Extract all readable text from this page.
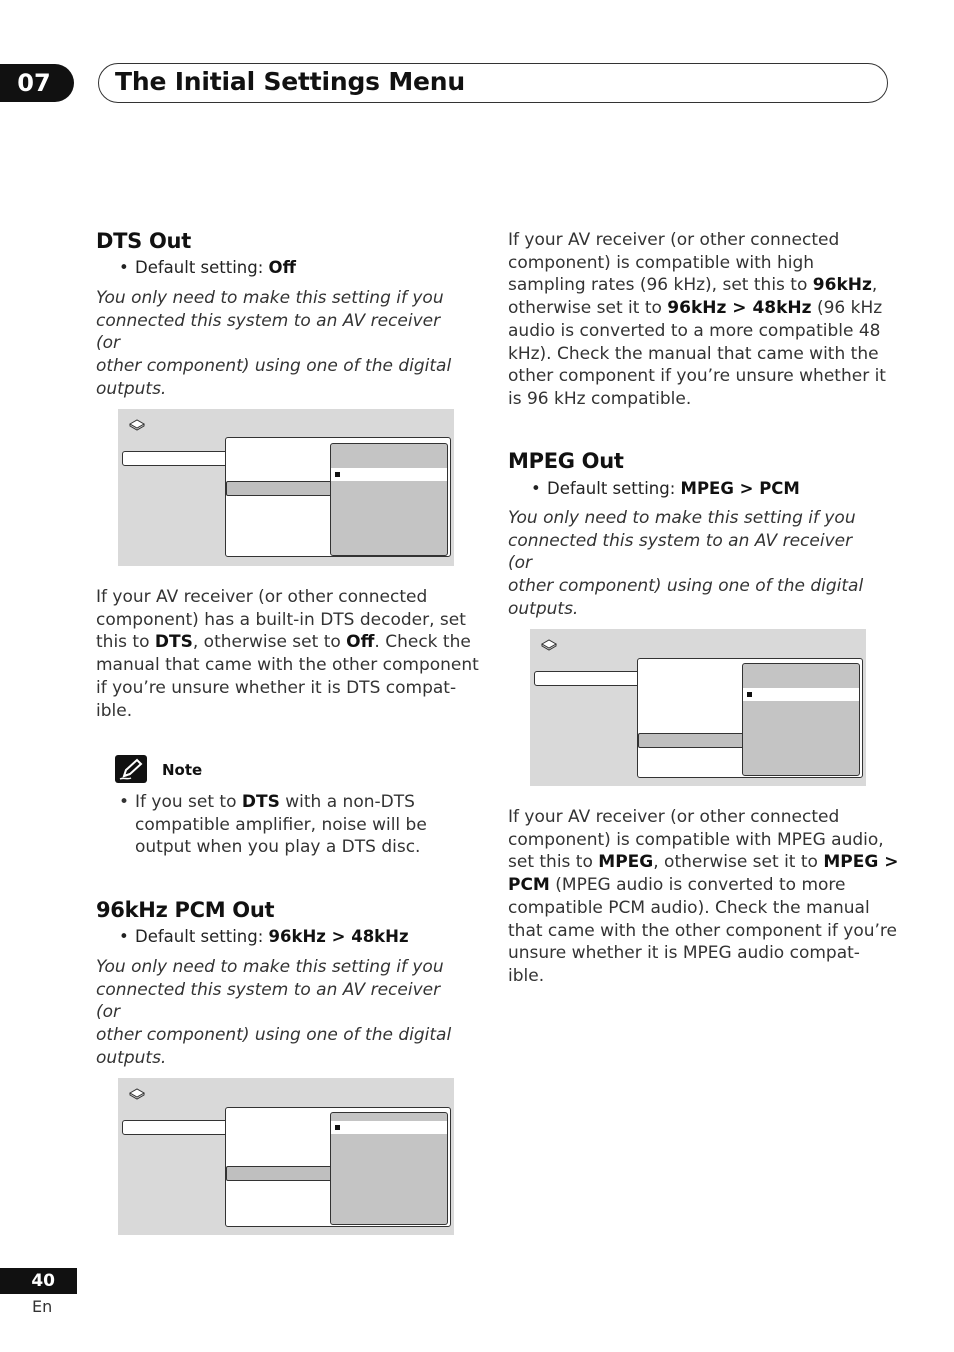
07	The Initial Settings Menu
DTS Out
• Default setting: Off
You only need to make this setting if you
connected this system to an AV receiver (or
other component) using one of the digital
outputs.
If your AV receiver (or other connected
component) has a built-in DTS decoder, set
this to DTS, otherwise set to Off. Check the
manual that came with the other component
if you’re unsure whether it is DTS compat-
ible.
Note
• If you set to DTS with a non-DTS
compatible amplifier, noise will be
output when you play a DTS disc.
96kHz PCM Out
• Default setting: 96kHz > 48kHz
You only need to make this setting if you
connected this system to an AV receiver (or
other component) using one of the digital
outputs.
If your AV receiver (or other connected
component) is compatible with high
sampling rates (96 kHz), set this to 96kHz,
otherwise set it to 96kHz > 48kHz (96 kHz
audio is converted to a more compatible 48
kHz). Check the manual that came with the
other component if you’re unsure whether it
is 96 kHz compatible.
MPEG Out
• Default setting: MPEG > PCM
You only need to make this setting if you
connected this system to an AV receiver (or
other component) using one of the digital
outputs.
If your AV receiver (or other connected
component) is compatible with MPEG audio,
set this to MPEG, otherwise set it to MPEG >
PCM (MPEG audio is converted to more
compatible PCM audio). Check the manual
that came with the other component if you’re
unsure whether it is MPEG audio compat-
ible.
40
En
